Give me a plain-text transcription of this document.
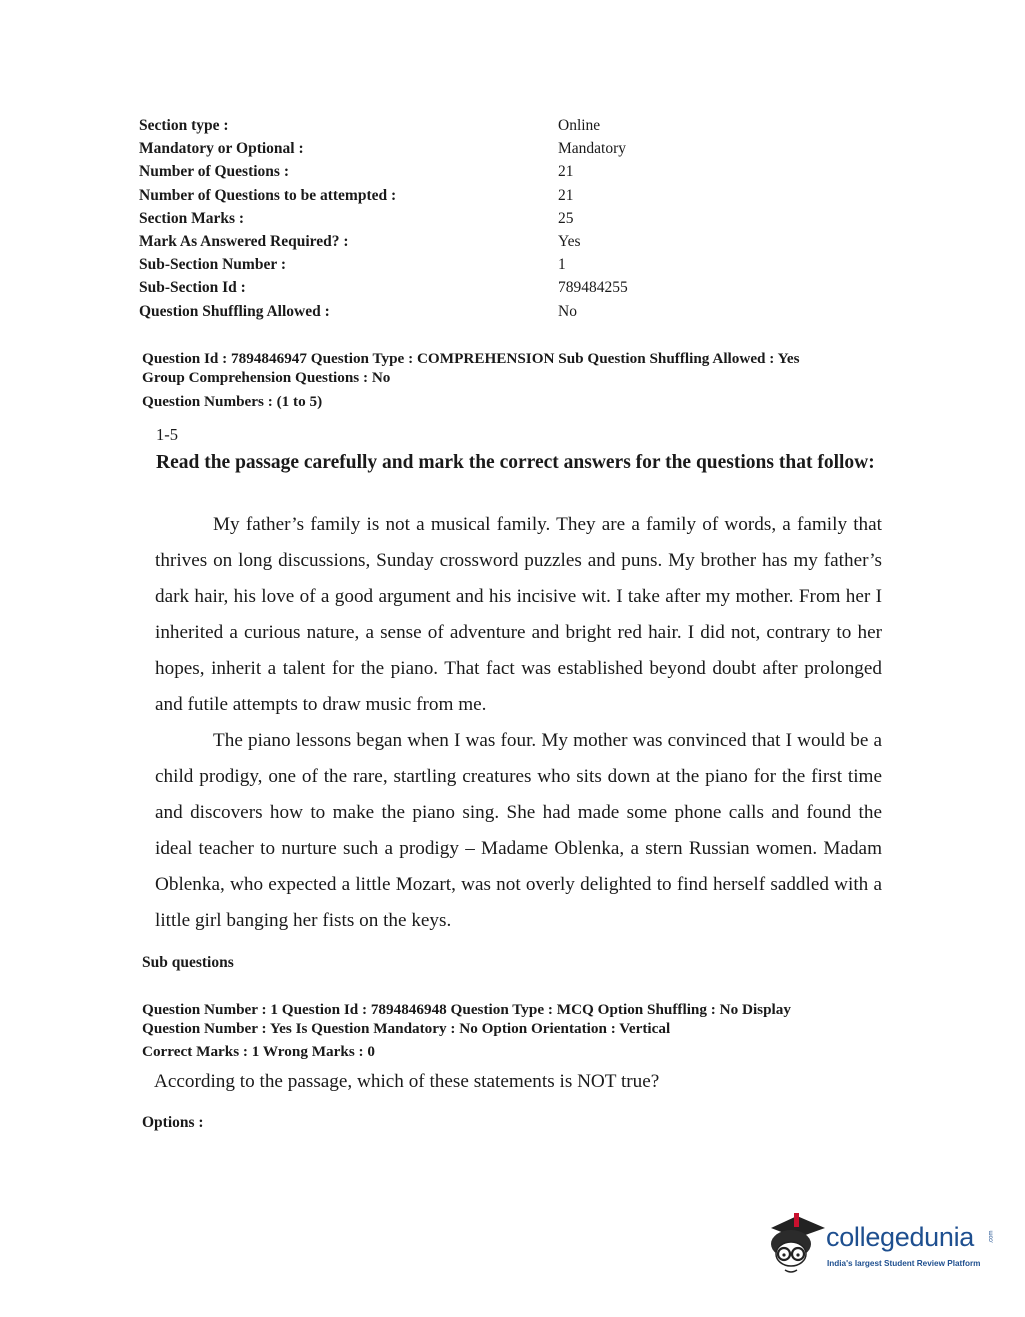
Section type :	Online
Mandatory or Optional :	Mandatory
Number of Questions :	21
Number of Questions to be attempted :	21
Section Marks :	25
Mark As Answered Required? :	Yes
Sub-Section Number :	1
Sub-Section Id :	789484255
Question Shuffling Allowed :	No
Question Id : 7894846947 Question Type : COMPREHENSION Sub Question Shuffling Allowed : Yes
Group Comprehension Questions : No
Question Numbers : (1 to 5)
1-5
Read the passage carefully and mark the correct answers for the questions that follow:

My father’s family is not a musical family. They are a family of words, a family that thrives on long discussions, Sunday crossword puzzles and puns. My brother has my father’s dark hair, his love of a good argument and his incisive wit. I take after my mother. From her I inherited a curious nature, a sense of adventure and bright red hair. I did not, contrary to her hopes, inherit a talent for the piano. That fact was established beyond doubt after prolonged and futile attempts to draw music from me.

The piano lessons began when I was four. My mother was convinced that I would be a child prodigy, one of the rare, startling creatures who sits down at the piano for the first time and discovers how to make the piano sing. She had made some phone calls and found the ideal teacher to nurture such a prodigy – Madame Oblenka, a stern Russian women. Madam Oblenka, who expected a little Mozart, was not overly delighted to find herself saddled with a little girl banging her fists on the keys.

Sub questions
Question Number : 1 Question Id : 7894846948 Question Type : MCQ Option Shuffling : No Display
Question Number : Yes Is Question Mandatory : No Option Orientation : Vertical
Correct Marks : 1 Wrong Marks : 0
According to the passage, which of these statements is NOT true?
Options :
collegedunia .com
India's largest Student Review Platform
